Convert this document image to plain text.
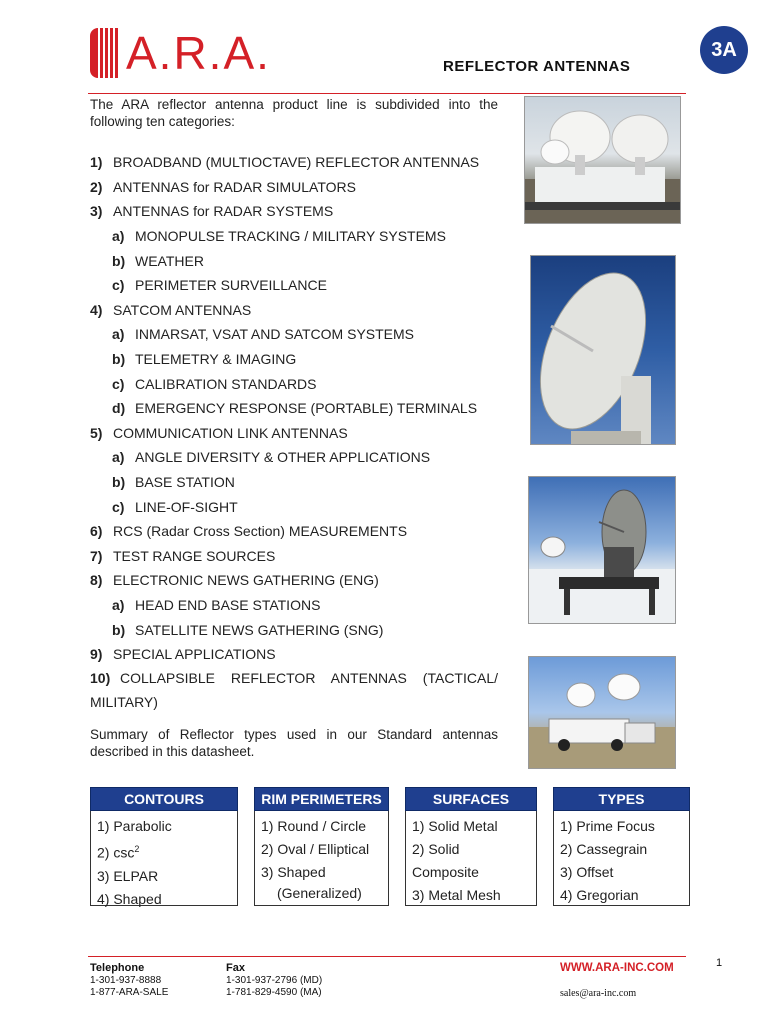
A.R.A.	REFLECTOR ANTENNAS
3A
The ARA reflector antenna product line is subdivided into the following ten categories:
1) BROADBAND (MULTIOCTAVE) REFLECTOR ANTENNAS
2) ANTENNAS for RADAR SIMULATORS
3) ANTENNAS for RADAR SYSTEMS
a) MONOPULSE TRACKING / MILITARY SYSTEMS
b) WEATHER
c) PERIMETER SURVEILLANCE
4) SATCOM ANTENNAS
a) INMARSAT, VSAT AND SATCOM SYSTEMS
b) TELEMETRY & IMAGING
c) CALIBRATION STANDARDS
d) EMERGENCY RESPONSE (PORTABLE) TERMINALS
5) COMMUNICATION LINK ANTENNAS
a) ANGLE DIVERSITY & OTHER APPLICATIONS
b) BASE STATION
c) LINE-OF-SIGHT
6) RCS (Radar Cross Section) MEASUREMENTS
7) TEST RANGE SOURCES
8) ELECTRONIC NEWS GATHERING (ENG)
a) HEAD END BASE STATIONS
b) SATELLITE NEWS GATHERING (SNG)
9) SPECIAL APPLICATIONS
10) COLLAPSIBLE REFLECTOR ANTENNAS (TACTICAL/
MILITARY)
Summary of Reflector types used in our Standard antennas described in this datasheet.
CONTOURS
1) Parabolic
2) $\csc^2$
3) ELPAR
4) Shaped
RIM PERIMETERS
1) Round / Circle
2) Oval / Elliptical
3) Shaped
(Generalized)
SURFACES
1) Solid Metal
2) Solid Composite
3) Metal Mesh
TYPES
1) Prime Focus
2) Cassegrain
3) Offset
4) Gregorian
Telephone
1-301-937-8888
1-877-ARA-SALE
Fax
1-301-937-2796 (MD)
1-781-829-4590 (MA)
WWW.ARA-INC.COM
sales@ara-inc.com
1
